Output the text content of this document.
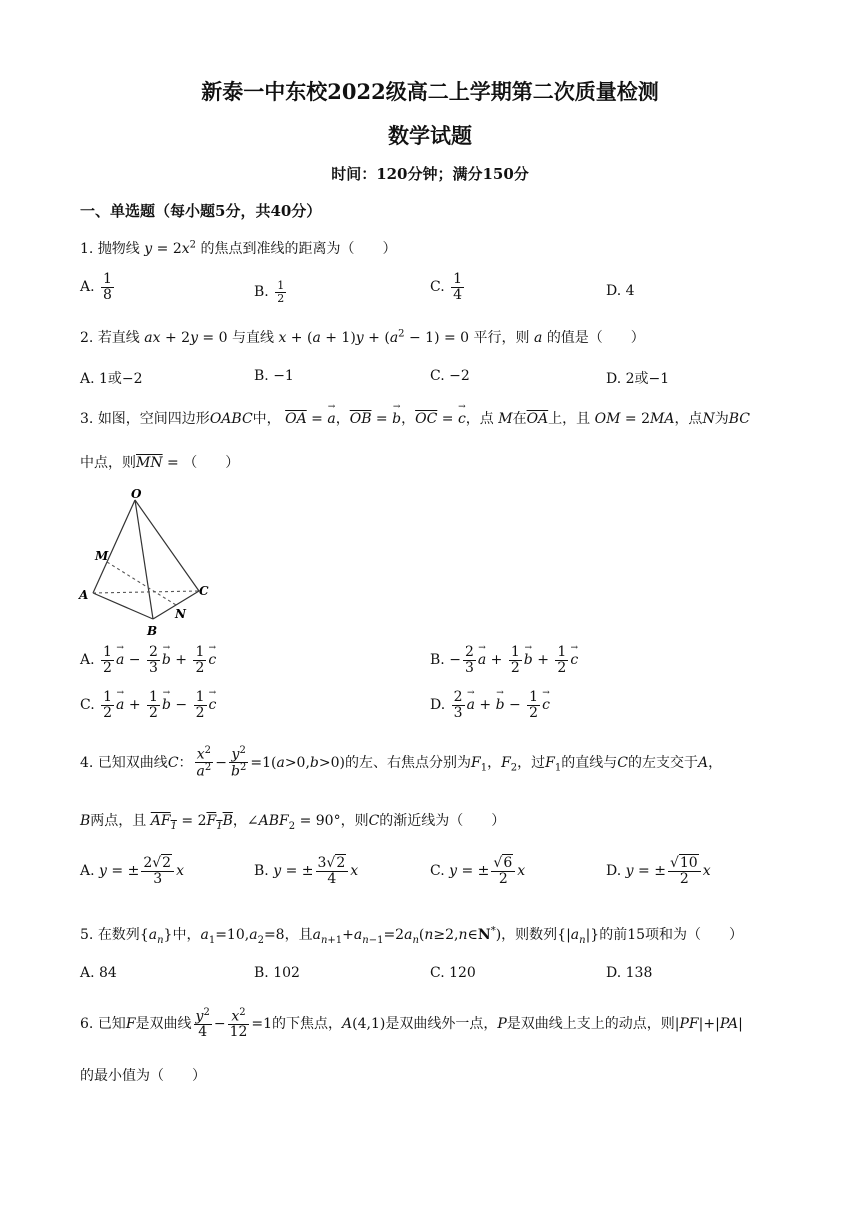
新泰一中东校2022级高二上学期第二次质量检测
数学试题
时间：120分钟；满分150分
一、单选题（每小题5分，共40分）
1. 抛物线 $y = 2x^2$ 的焦点到准线的距离为（　　）
A. $\frac{1}{8}$	B. $\frac{1}{2}$	C. $\frac{1}{4}$	D. 4
2. 若直线 ax + 2y = 0 与直线 $x + (a + 1)y + (a^2 - 1) = 0$ 平行，则 a 的值是（　　）
A. 1或−2	B. −1	C. −2	D. 2或−1
3. 如图，空间四边形OABC中， $\overline{OA}$ = → a，$\overline{OB}$ = → b，$\overline{OC}$ = → c，点 M在$\overline{OA}$上，且 OM = 2MA，点N为BC
中点，则$\overline{MN}$ = （　　）
O
M
A	C
N
B
A. $\frac{1}{2} \to a - \frac{2}{3} \to b + \frac{1}{2} \to c$	B. − $\frac{2}{3} \to a + \frac{1}{2} \to b + \frac{1}{2} \to c$
C. $\frac{1}{2} \to a + \frac{1}{2} \to b - \frac{1}{2} \to c$	D. $\frac{2}{3} \to a$ + → $b - \frac{1}{2} \to c$
4. 已知双曲线C： $\frac{x^2}{a^2} - \frac{y^2}{b^2} =1(a>0,b>0)$的左、右焦点分别为$F_1$，$F_2$，过$F_1$的直线与C的左支交于A，
B两点，且 $AF_1 = 2F_1B$，$\angle ABF_2 = 90^\circ$，则C的渐近线为（　　）
A. y = ± $\frac{2√2}{3}$ x	B. y = ± $\frac{3√2}{4}$ x	C. y = ± $\frac{√6}{2}$ x	D. y = ± $\frac{√10}{2}$ x
5. 在数列$\{a_n\}$中，$a_1=10,a_2=8$，且$a_{n+1}+a_{n-1}=2a_n(n\ge 2,n\in N^*)$，则数列$\{|a_n|\}$的前15项和为（　　）
A. 84	B. 102	C. 120	D. 138
6. 已知F是双曲线 $\frac{y^2}{4} - \frac{x^2}{12} =1$的下焦点，A(4,1)是双曲线外一点，P是双曲线上支上的动点，则|PF|+|PA|
的最小值为（　　）
